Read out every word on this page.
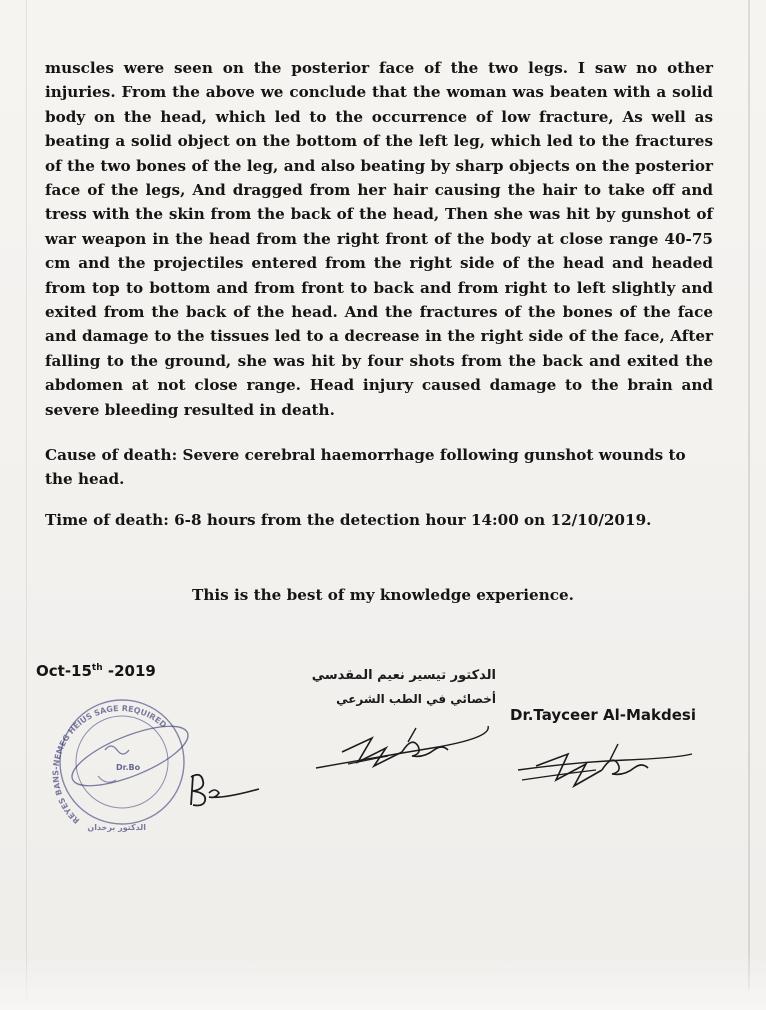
muscles were seen on the posterior face of the two legs. I saw no other injuries. From the above we conclude that the woman was beaten with a solid body on the head, which led to the occurrence of low fracture, As well as beating a solid object on the bottom of the left leg, which led to the fractures of the two bones of the leg, and also beating by sharp objects on the posterior face of the legs, And dragged from her hair causing the hair to take off and tress with the skin from the back of the head, Then she was hit by gunshot of war weapon in the head from the right front of the body at close range 40-75 cm and the projectiles entered from the right side of the head and headed from top to bottom and from front to back and from right to left slightly and exited from the back of the head. And the fractures of the bones of the face and damage to the tissues led to a decrease in the right side of the face, After falling to the ground, she was hit by four shots from the back and exited the abdomen at not close range. Head injury caused damage to the brain and severe bleeding resulted in death.

Cause of death: Severe cerebral haemorrhage following gunshot wounds to the head.

Time of death: 6-8 hours from the detection hour 14:00 on 12/10/2019.

This is the best of my knowledge experience.

Oct-15th -2019	الدكتور تيسير نعيم المقدسي
أخصائي في الطب الشرعي
Dr.Tayceer Al-Makdesi
REYES BANS-NEMEG HEIUS SAGE REQUIRED
Dr.Bo
الدكتور برخدان
